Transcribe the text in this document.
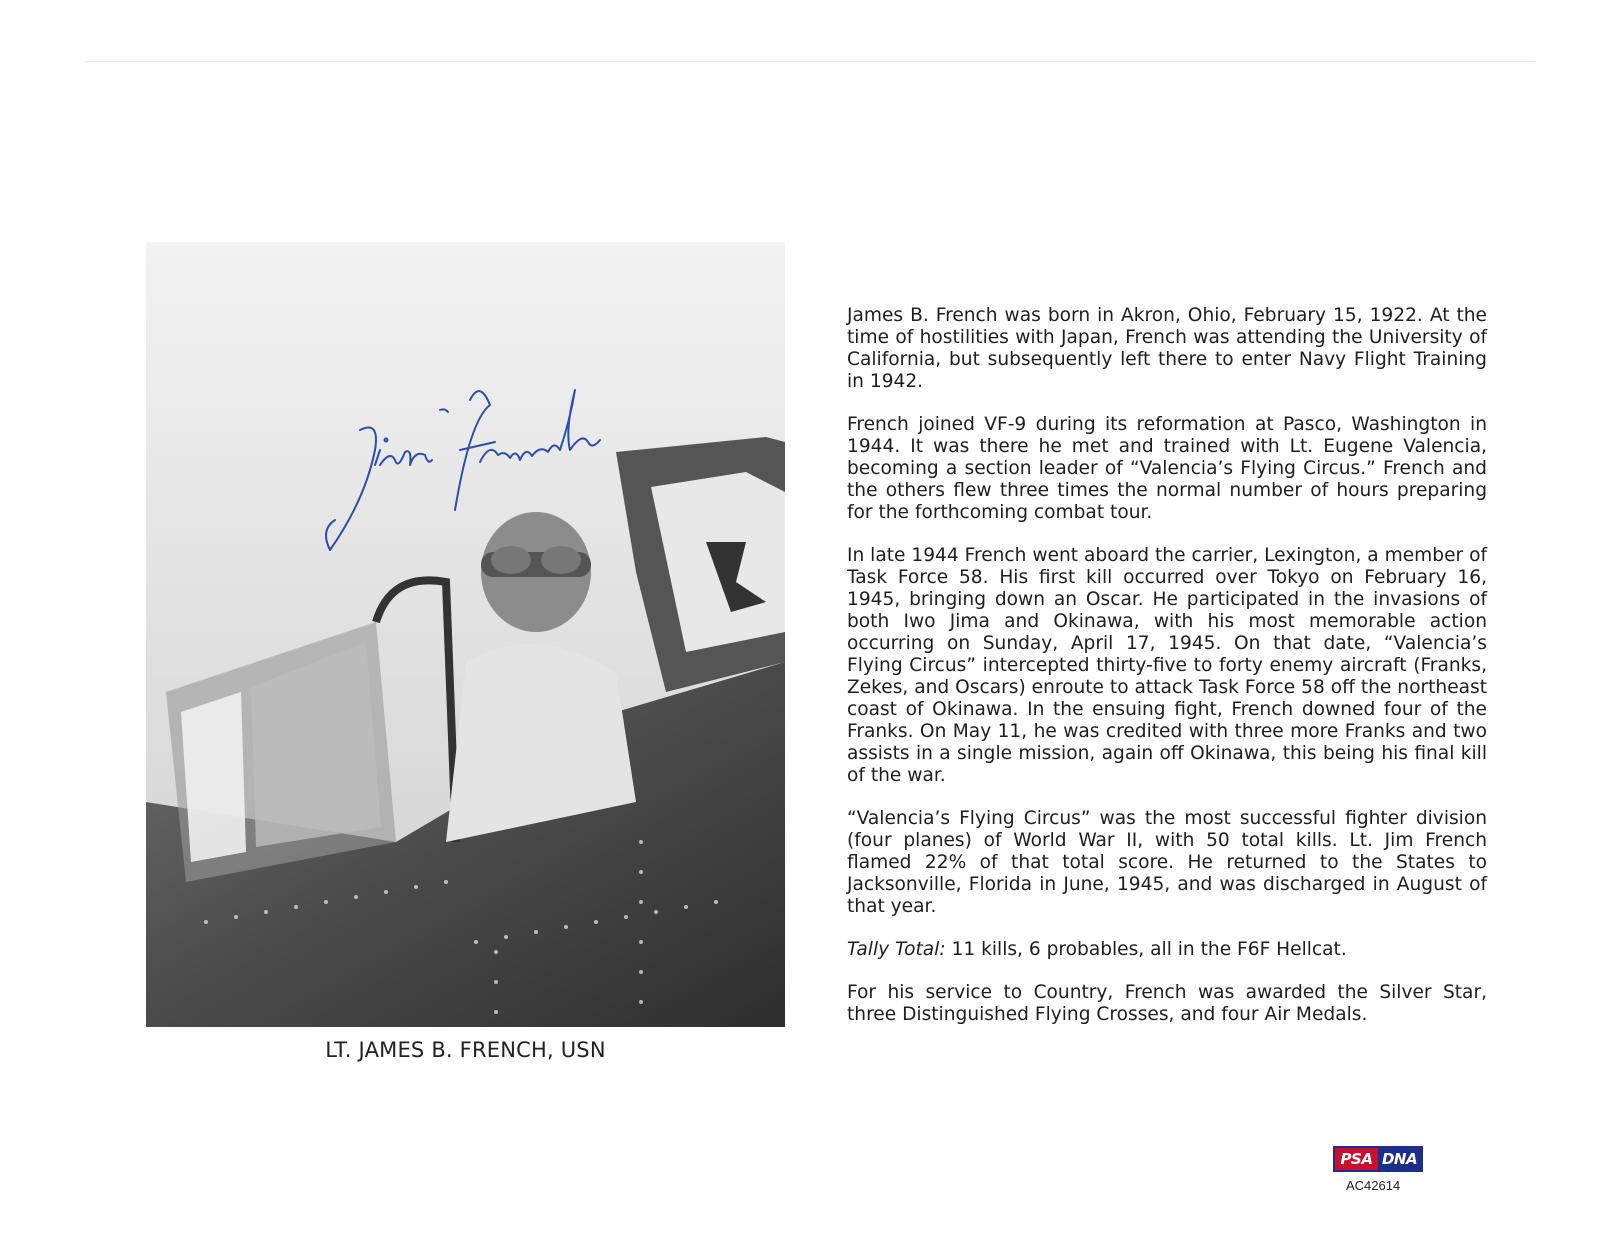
LT. JAMES B. FRENCH, USN

James B. French was born in Akron, Ohio, February 15, 1922. At the time of hostilities with Japan, French was attending the University of California, but subsequently left there to enter Navy Flight Training in 1942.

French joined VF-9 during its reformation at Pasco, Washington in 1944. It was there he met and trained with Lt. Eugene Valencia, becoming a section leader of “Valencia’s Flying Circus.” French and the others flew three times the normal number of hours preparing for the forthcoming combat tour.

In late 1944 French went aboard the carrier, Lexington, a member of Task Force 58. His first kill occurred over Tokyo on February 16, 1945, bringing down an Oscar. He participated in the invasions of both Iwo Jima and Okinawa, with his most memorable action occurring on Sunday, April 17, 1945. On that date, “Valencia’s Flying Circus” intercepted thirty-five to forty enemy aircraft (Franks, Zekes, and Oscars) enroute to attack Task Force 58 off the northeast coast of Okinawa. In the ensuing fight, French downed four of the Franks. On May 11, he was credited with three more Franks and two assists in a single mission, again off Okinawa, this being his final kill of the war.

“Valencia’s Flying Circus” was the most successful fighter division (four planes) of World War II, with 50 total kills. Lt. Jim French flamed 22% of that total score. He returned to the States to Jacksonville, Florida in June, 1945, and was discharged in August of that year.

Tally Total: 11 kills, 6 probables, all in the F6F Hellcat.

For his service to Country, French was awarded the Silver Star, three Distinguished Flying Crosses, and four Air Medals.

PSA DNA
AC42614
